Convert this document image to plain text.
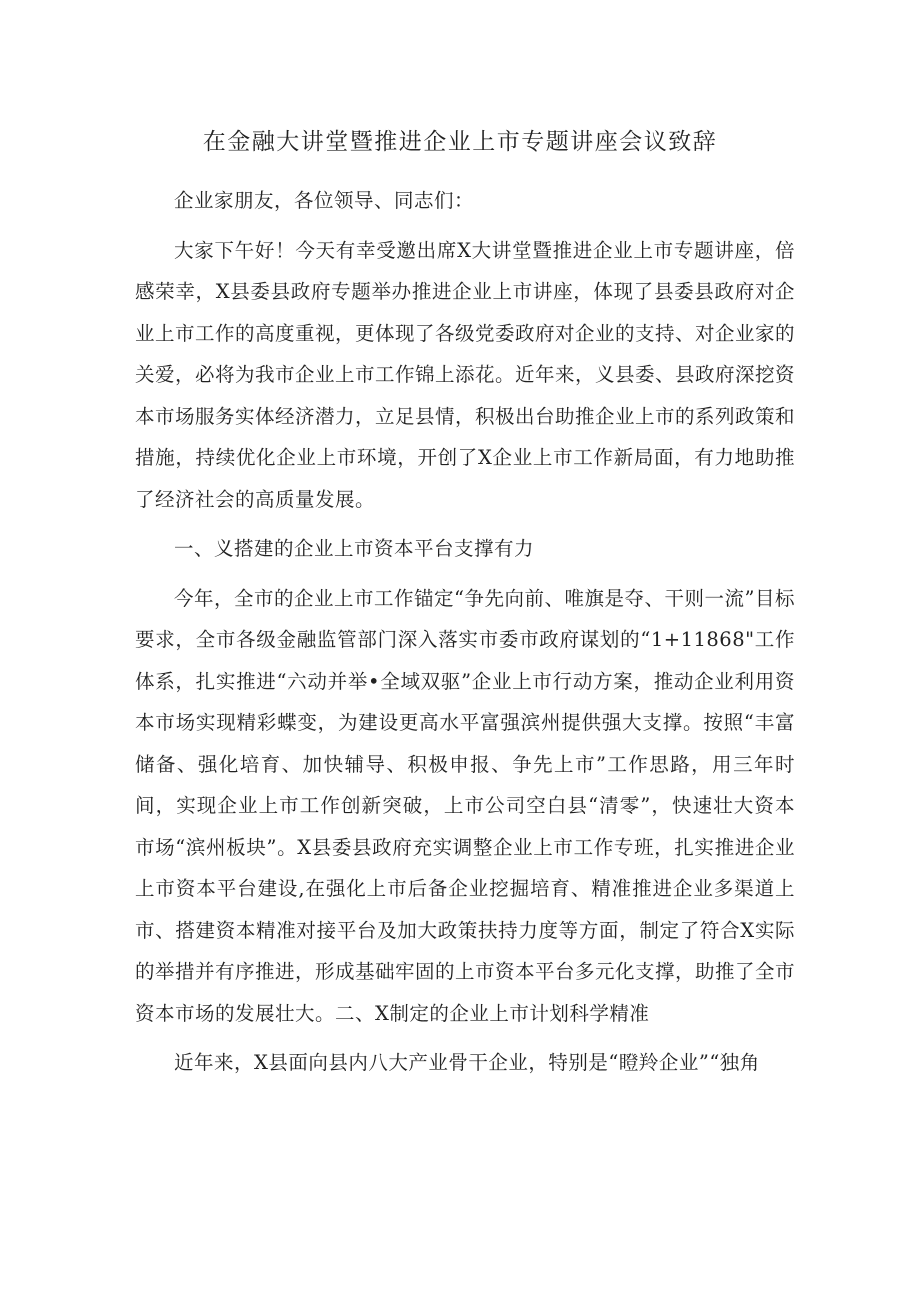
在金融大讲堂暨推进企业上市专题讲座会议致辞

企业家朋友，各位领导、同志们：

大家下午好！今天有幸受邀出席X大讲堂暨推进企业上市专题讲座，倍感荣幸，X县委县政府专题举办推进企业上市讲座，体现了县委县政府对企业上市工作的高度重视，更体现了各级党委政府对企业的支持、对企业家的关爱，必将为我市企业上市工作锦上添花。近年来，义县委、县政府深挖资本市场服务实体经济潜力，立足县情，积极出台助推企业上市的系列政策和措施，持续优化企业上市环境，开创了X企业上市工作新局面，有力地助推了经济社会的高质量发展。

一、义搭建的企业上市资本平台支撑有力

今年，全市的企业上市工作锚定“争先向前、唯旗是夺、干则一流”目标要求，全市各级金融监管部门深入落实市委市政府谋划的“1+11868"工作体系，扎实推进“六动并举•全域双驱”企业上市行动方案，推动企业利用资本市场实现精彩蝶变，为建设更高水平富强滨州提供强大支撑。按照“丰富储备、强化培育、加快辅导、积极申报、争先上市”工作思路，用三年时间，实现企业上市工作创新突破，上市公司空白县“清零”，快速壮大资本市场“滨州板块”。X县委县政府充实调整企业上市工作专班，扎实推进企业上市资本平台建设,在强化上市后备企业挖掘培育、精准推进企业多渠道上市、搭建资本精准对接平台及加大政策扶持力度等方面，制定了符合X实际的举措并有序推进，形成基础牢固的上市资本平台多元化支撑，助推了全市资本市场的发展壮大。二、X制定的企业上市计划科学精准

近年来，X县面向县内八大产业骨干企业，特别是“瞪羚企业”“独角
